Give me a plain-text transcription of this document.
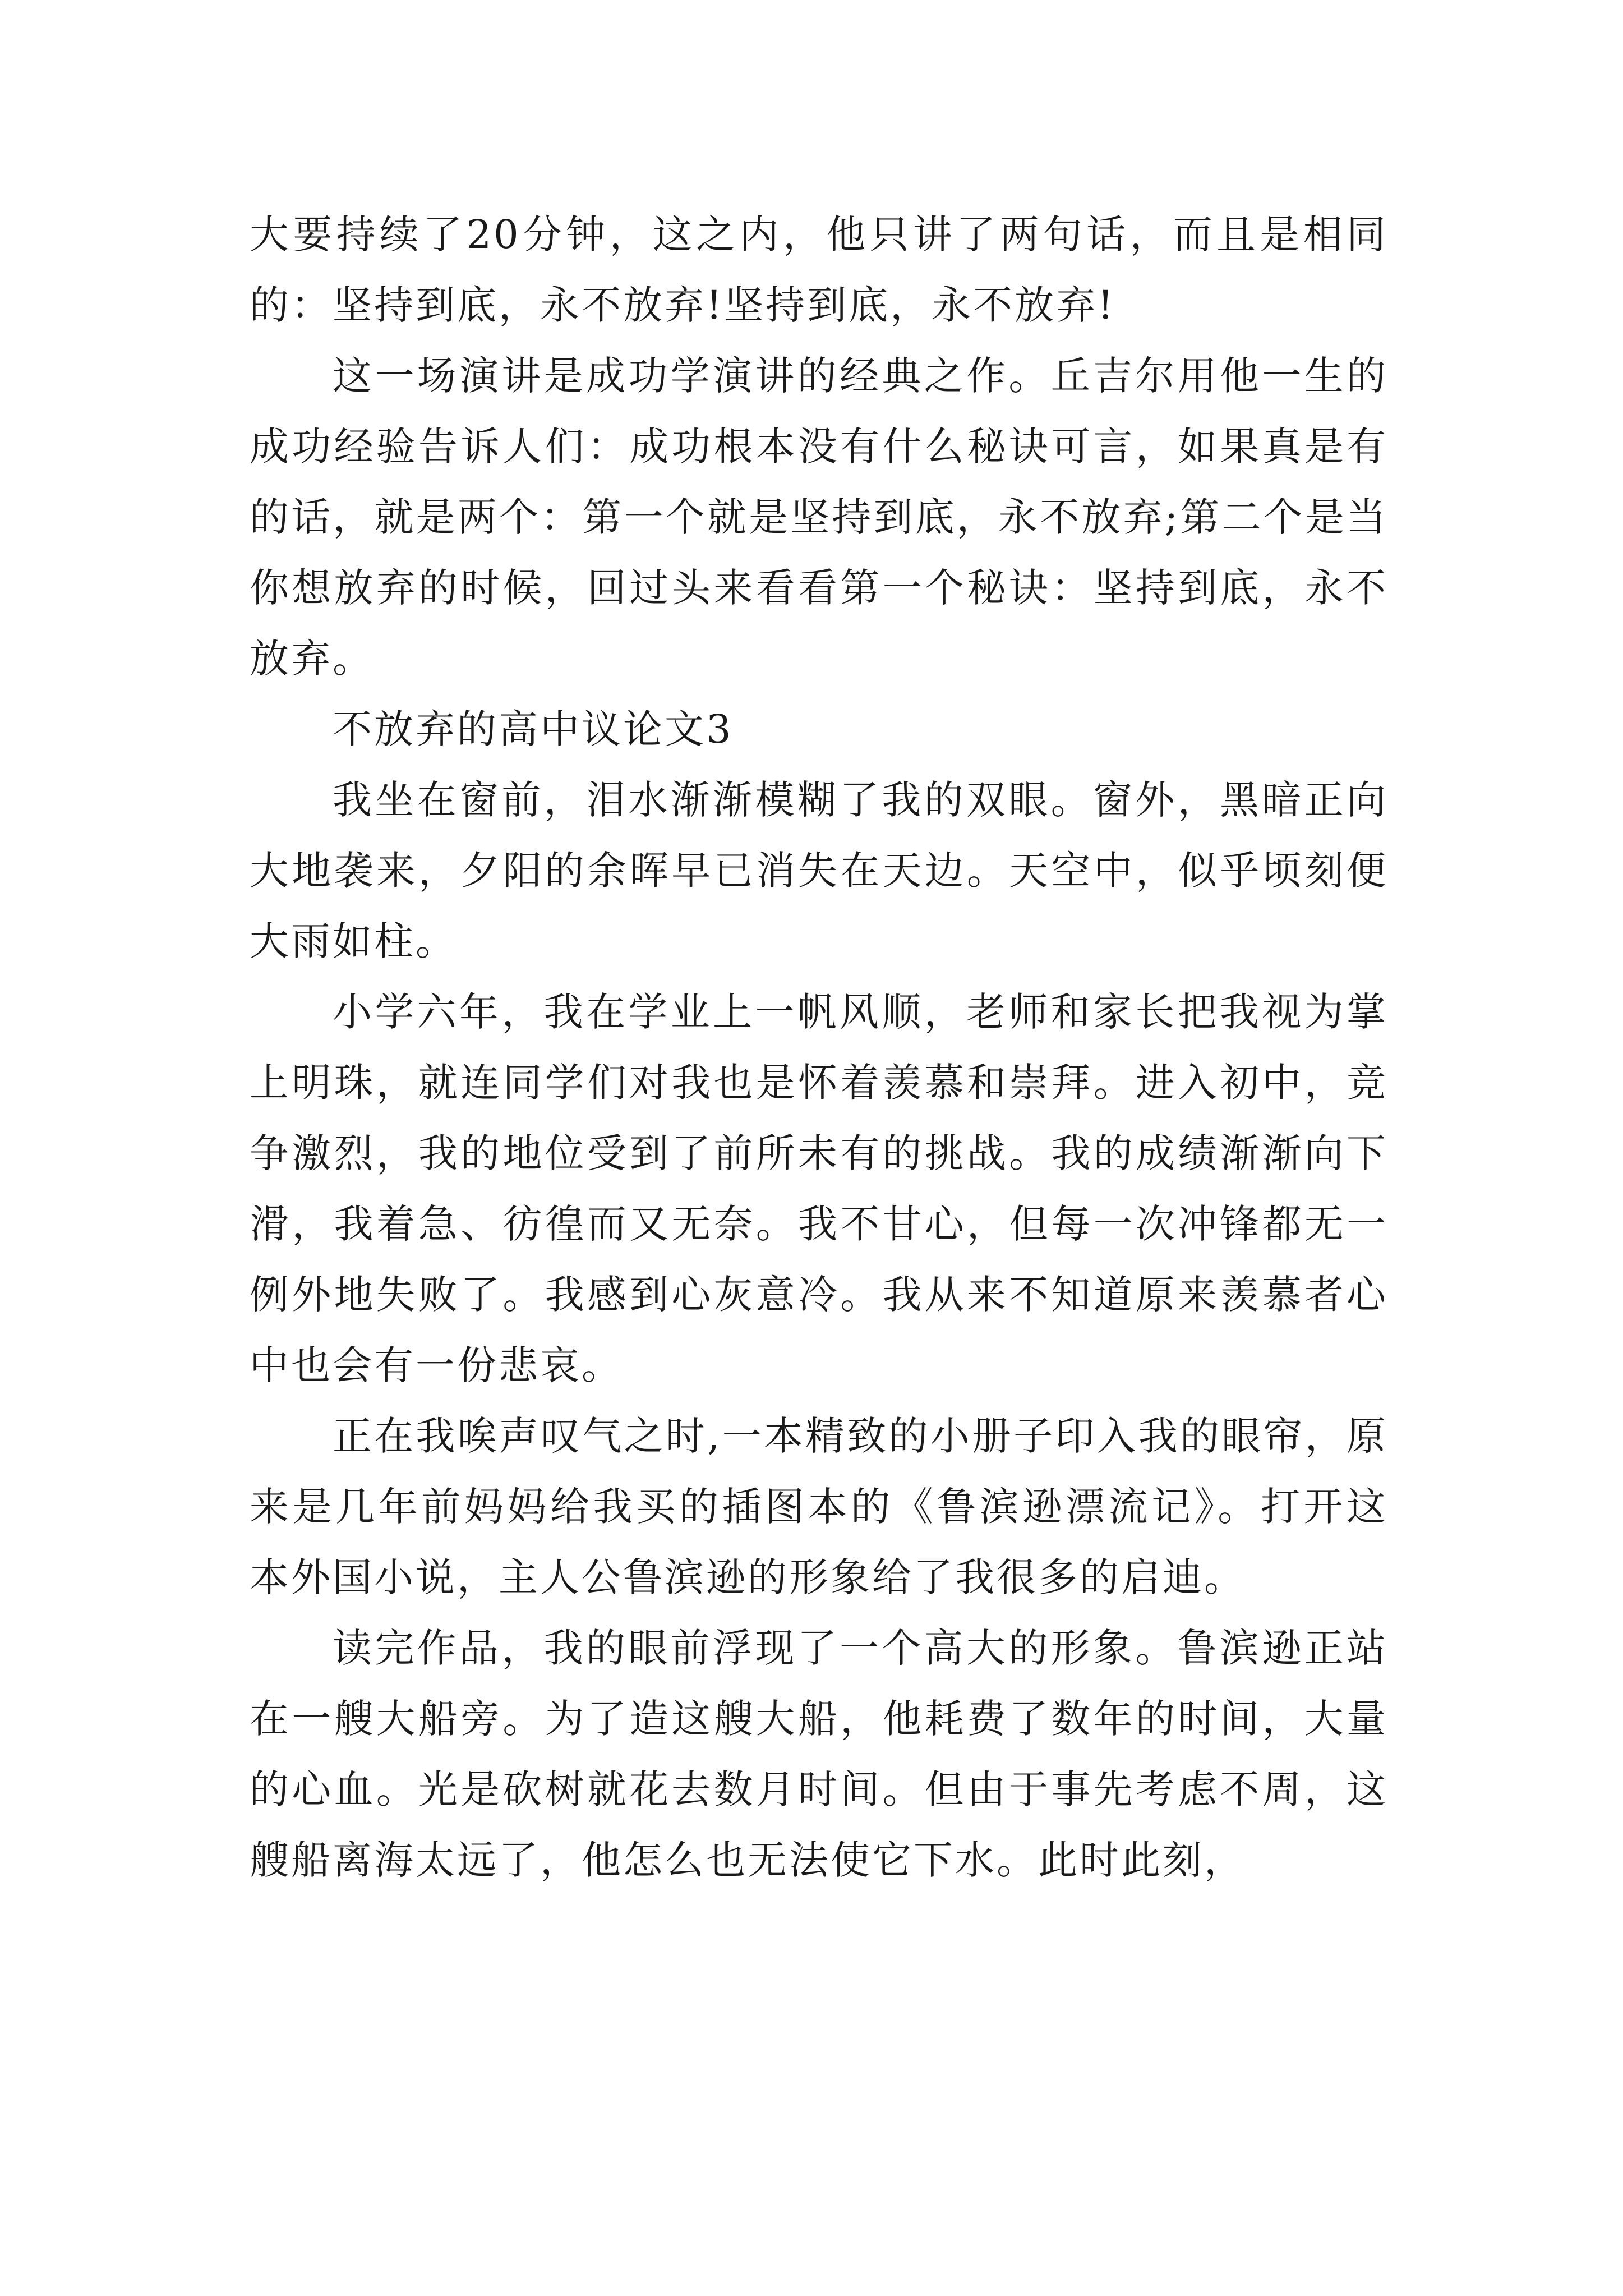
大要持续了20分钟，这之内，他只讲了两句话，而且是相同的：坚持到底，永不放弃!坚持到底，永不放弃!

这一场演讲是成功学演讲的经典之作。丘吉尔用他一生的成功经验告诉人们：成功根本没有什么秘诀可言，如果真是有的话，就是两个：第一个就是坚持到底，永不放弃;第二个是当你想放弃的时候，回过头来看看第一个秘诀：坚持到底，永不放弃。

不放弃的高中议论文3

我坐在窗前，泪水渐渐模糊了我的双眼。窗外，黑暗正向大地袭来，夕阳的余晖早已消失在天边。天空中，似乎顷刻便大雨如柱。

小学六年，我在学业上一帆风顺，老师和家长把我视为掌上明珠，就连同学们对我也是怀着羡慕和崇拜。进入初中，竞争激烈，我的地位受到了前所未有的挑战。我的成绩渐渐向下滑，我着急、彷徨而又无奈。我不甘心，但每一次冲锋都无一例外地失败了。我感到心灰意冷。我从来不知道原来羡慕者心中也会有一份悲哀。

正在我唉声叹气之时,一本精致的小册子印入我的眼帘，原来是几年前妈妈给我买的插图本的《鲁滨逊漂流记》。打开这本外国小说，主人公鲁滨逊的形象给了我很多的启迪。

读完作品，我的眼前浮现了一个高大的形象。鲁滨逊正站在一艘大船旁。为了造这艘大船，他耗费了数年的时间，大量的心血。光是砍树就花去数月时间。但由于事先考虑不周，这艘船离海太远了，他怎么也无法使它下水。此时此刻，
